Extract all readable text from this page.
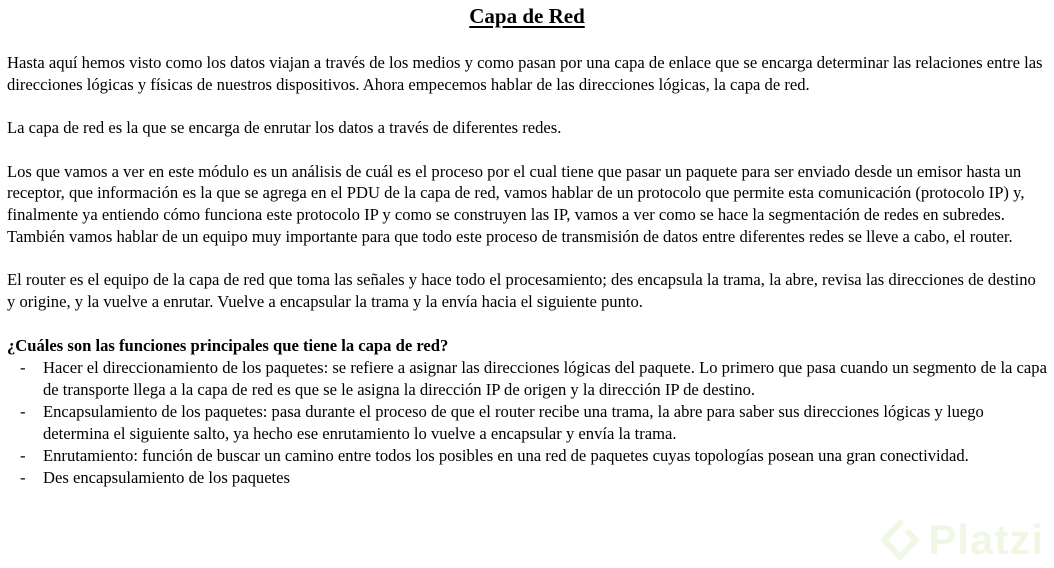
Capa de Red

Hasta aquí hemos visto como los datos viajan a través de los medios y como pasan por una capa de enlace que se encarga determinar las relaciones entre las direcciones lógicas y físicas de nuestros dispositivos. Ahora empecemos hablar de las direcciones lógicas, la capa de red.

La capa de red es la que se encarga de enrutar los datos a través de diferentes redes.

Los que vamos a ver en este módulo es un análisis de cuál es el proceso por el cual tiene que pasar un paquete para ser enviado desde un emisor hasta un receptor, que información es la que se agrega en el PDU de la capa de red, vamos hablar de un protocolo que permite esta comunicación (protocolo IP) y, finalmente ya entiendo cómo funciona este protocolo IP y como se construyen las IP, vamos a ver como se hace la segmentación de redes en subredes. También vamos hablar de un equipo muy importante para que todo este proceso de transmisión de datos entre diferentes redes se lleve a cabo, el router.

El router es el equipo de la capa de red que toma las señales y hace todo el procesamiento; des encapsula la trama, la abre, revisa las direcciones de destino y origine, y la vuelve a enrutar. Vuelve a encapsular la trama y la envía hacia el siguiente punto.

¿Cuáles son las funciones principales que tiene la capa de red?

- Hacer el direccionamiento de los paquetes: se refiere a asignar las direcciones lógicas del paquete. Lo primero que pasa cuando un segmento de la capa de transporte llega a la capa de red es que se le asigna la dirección IP de origen y la dirección IP de destino.
- Encapsulamiento de los paquetes: pasa durante el proceso de que el router recibe una trama, la abre para saber sus direcciones lógicas y luego determina el siguiente salto, ya hecho ese enrutamiento lo vuelve a encapsular y envía la trama.
- Enrutamiento: función de buscar un camino entre todos los posibles en una red de paquetes cuyas topologías posean una gran conectividad.
- Des encapsulamiento de los paquetes
Platzi
